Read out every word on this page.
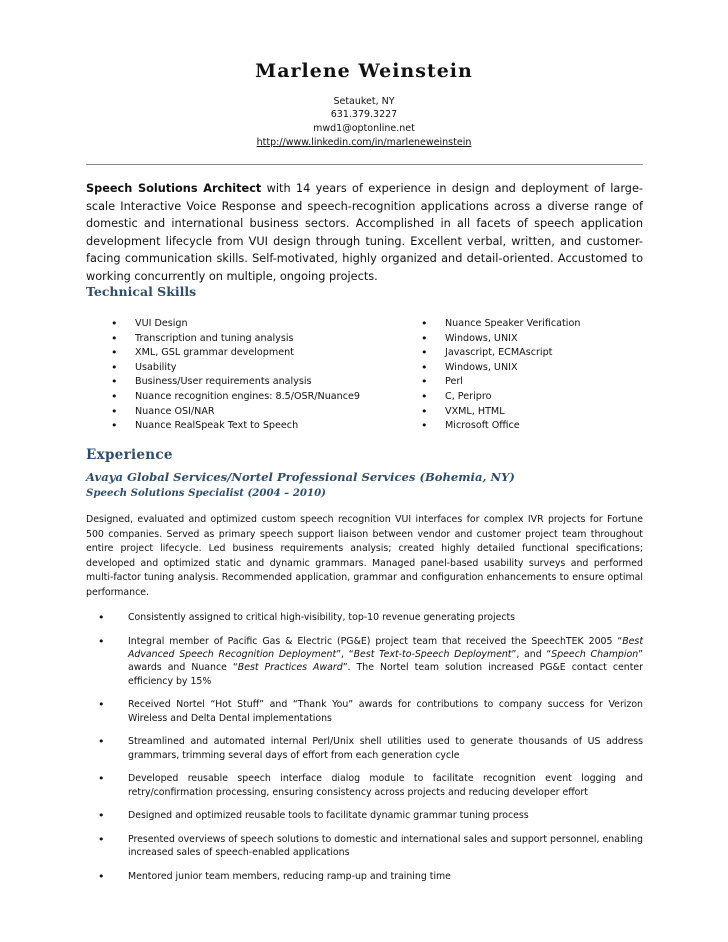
Marlene Weinstein
Setauket, NY
631.379.3227
mwd1@optonline.net
http://www.linkedin.com/in/marleneweinstein
Speech Solutions Architect with 14 years of experience in design and deployment of large-scale Interactive Voice Response and speech-recognition applications across a diverse range of domestic and international business sectors. Accomplished in all facets of speech application development lifecycle from VUI design through tuning. Excellent verbal, written, and customer-facing communication skills. Self-motivated, highly organized and detail-oriented. Accustomed to working concurrently on multiple, ongoing projects.
Technical Skills
• VUI Design
• Transcription and tuning analysis
• XML, GSL grammar development
• Usability
• Business/User requirements analysis
• Nuance recognition engines: 8.5/OSR/Nuance9
• Nuance OSI/NAR
• Nuance RealSpeak Text to Speech
• Nuance Speaker Verification
• Windows, UNIX
• Javascript, ECMAscript
• Windows, UNIX
• Perl
• C, Peripro
• VXML, HTML
• Microsoft Office
Experience
Avaya Global Services/Nortel Professional Services (Bohemia, NY)
Speech Solutions Specialist (2004 – 2010)
Designed, evaluated and optimized custom speech recognition VUI interfaces for complex IVR projects for Fortune 500 companies. Served as primary speech support liaison between vendor and customer project team throughout entire project lifecycle. Led business requirements analysis; created highly detailed functional specifications; developed and optimized static and dynamic grammars. Managed panel-based usability surveys and performed multi-factor tuning analysis. Recommended application, grammar and configuration enhancements to ensure optimal performance.
• Consistently assigned to critical high-visibility, top-10 revenue generating projects
• Integral member of Pacific Gas & Electric (PG&E) project team that received the SpeechTEK 2005 “Best Advanced Speech Recognition Deployment”, “Best Text-to-Speech Deployment”, and “Speech Champion” awards and Nuance “Best Practices Award”. The Nortel team solution increased PG&E contact center efficiency by 15%
• Received Nortel “Hot Stuff” and “Thank You” awards for contributions to company success for Verizon Wireless and Delta Dental implementations
• Streamlined and automated internal Perl/Unix shell utilities used to generate thousands of US address grammars, trimming several days of effort from each generation cycle
• Developed reusable speech interface dialog module to facilitate recognition event logging and retry/confirmation processing, ensuring consistency across projects and reducing developer effort
• Designed and optimized reusable tools to facilitate dynamic grammar tuning process
• Presented overviews of speech solutions to domestic and international sales and support personnel, enabling increased sales of speech-enabled applications
• Mentored junior team members, reducing ramp-up and training time
